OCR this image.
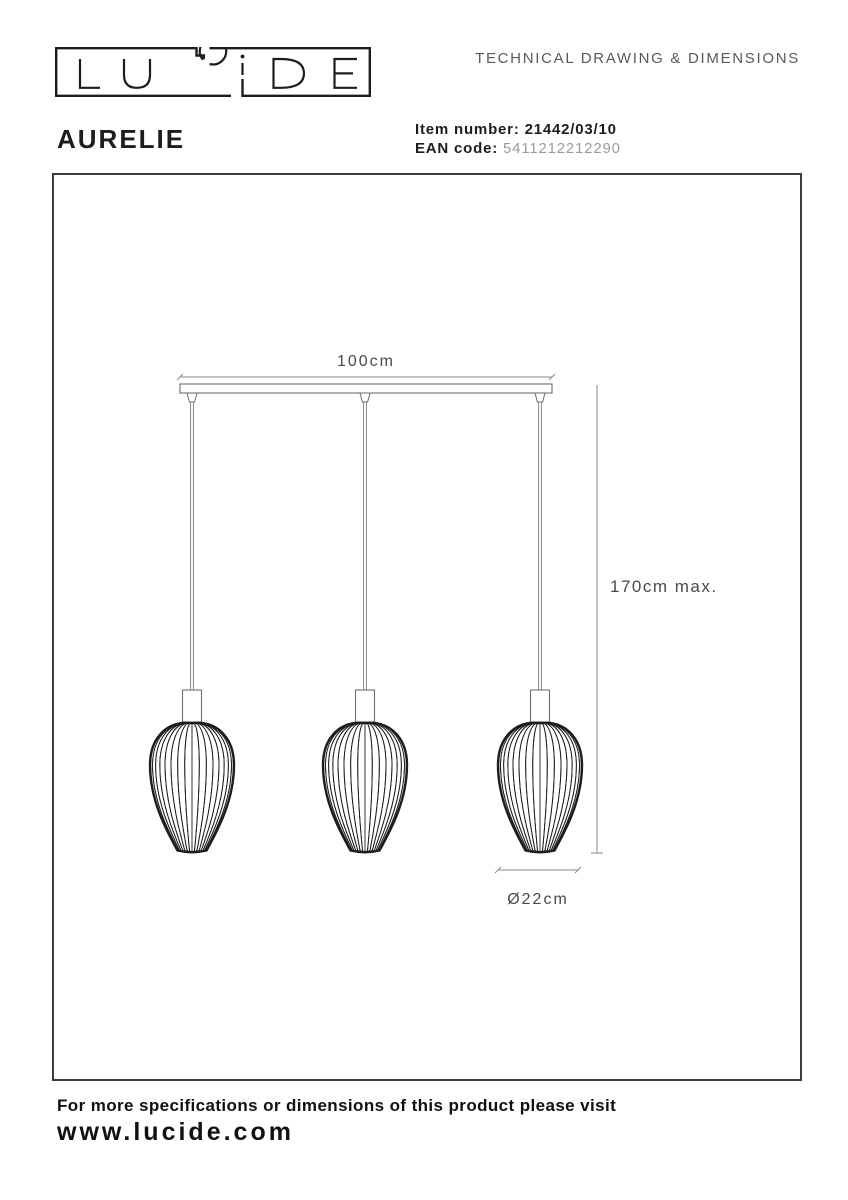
TECHNICAL DRAWING & DIMENSIONS
AURELIE	Item number: 21442/03/10
EAN code: 5411212212290
100cm
170cm max.
Ø22cm

For more specifications or dimensions of this product please visit

www.lucide.com
